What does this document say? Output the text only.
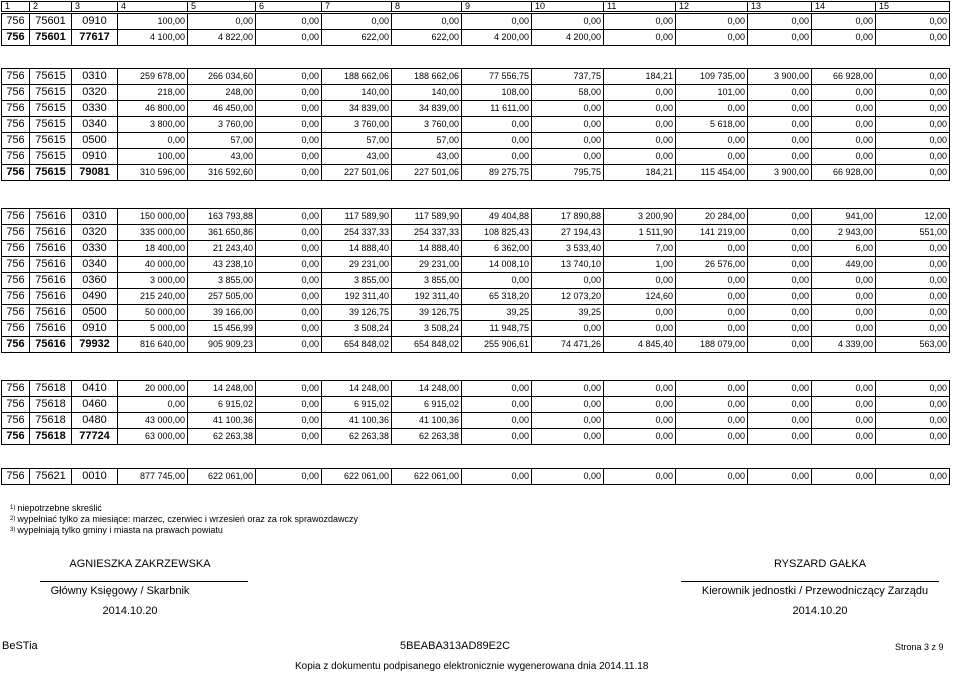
1	2	3	4	5	6	7	8	9	10	11	12	13	14	15
756	75601	0910	100,00	0,00	0,00	0,00	0,00	0,00	0,00	0,00	0,00	0,00	0,00	0,00
756	75601	77617	4 100,00	4 822,00	0,00	622,00	622,00	4 200,00	4 200,00	0,00	0,00	0,00	0,00	0,00
756	75615	0310	259 678,00	266 034,60	0,00	188 662,06	188 662,06	77 556,75	737,75	184,21	109 735,00	3 900,00	66 928,00	0,00
756	75615	0320	218,00	248,00	0,00	140,00	140,00	108,00	58,00	0,00	101,00	0,00	0,00	0,00
756	75615	0330	46 800,00	46 450,00	0,00	34 839,00	34 839,00	11 611,00	0,00	0,00	0,00	0,00	0,00	0,00
756	75615	0340	3 800,00	3 760,00	0,00	3 760,00	3 760,00	0,00	0,00	0,00	5 618,00	0,00	0,00	0,00
756	75615	0500	0,00	57,00	0,00	57,00	57,00	0,00	0,00	0,00	0,00	0,00	0,00	0,00
756	75615	0910	100,00	43,00	0,00	43,00	43,00	0,00	0,00	0,00	0,00	0,00	0,00	0,00
756	75615	79081	310 596,00	316 592,60	0,00	227 501,06	227 501,06	89 275,75	795,75	184,21	115 454,00	3 900,00	66 928,00	0,00
756	75616	0310	150 000,00	163 793,88	0,00	117 589,90	117 589,90	49 404,88	17 890,88	3 200,90	20 284,00	0,00	941,00	12,00
756	75616	0320	335 000,00	361 650,86	0,00	254 337,33	254 337,33	108 825,43	27 194,43	1 511,90	141 219,00	0,00	2 943,00	551,00
756	75616	0330	18 400,00	21 243,40	0,00	14 888,40	14 888,40	6 362,00	3 533,40	7,00	0,00	0,00	6,00	0,00
756	75616	0340	40 000,00	43 238,10	0,00	29 231,00	29 231,00	14 008,10	13 740,10	1,00	26 576,00	0,00	449,00	0,00
756	75616	0360	3 000,00	3 855,00	0,00	3 855,00	3 855,00	0,00	0,00	0,00	0,00	0,00	0,00	0,00
756	75616	0490	215 240,00	257 505,00	0,00	192 311,40	192 311,40	65 318,20	12 073,20	124,60	0,00	0,00	0,00	0,00
756	75616	0500	50 000,00	39 166,00	0,00	39 126,75	39 126,75	39,25	39,25	0,00	0,00	0,00	0,00	0,00
756	75616	0910	5 000,00	15 456,99	0,00	3 508,24	3 508,24	11 948,75	0,00	0,00	0,00	0,00	0,00	0,00
756	75616	79932	816 640,00	905 909,23	0,00	654 848,02	654 848,02	255 906,61	74 471,26	4 845,40	188 079,00	0,00	4 339,00	563,00
756	75618	0410	20 000,00	14 248,00	0,00	14 248,00	14 248,00	0,00	0,00	0,00	0,00	0,00	0,00	0,00
756	75618	0460	0,00	6 915,02	0,00	6 915,02	6 915,02	0,00	0,00	0,00	0,00	0,00	0,00	0,00
756	75618	0480	43 000,00	41 100,36	0,00	41 100,36	41 100,36	0,00	0,00	0,00	0,00	0,00	0,00	0,00
756	75618	77724	63 000,00	62 263,38	0,00	62 263,38	62 263,38	0,00	0,00	0,00	0,00	0,00	0,00	0,00
756	75621	0010	877 745,00	622 061,00	0,00	622 061,00	622 061,00	0,00	0,00	0,00	0,00	0,00	0,00	0,00
$^{1)}$ niepotrzebne skreślić
$^{2)}$ wypełniać tylko za miesiące: marzec, czerwiec i wrzesień oraz za rok sprawozdawczy
$^{3)}$ wypełniają tylko gminy i miasta na prawach powiatu
AGNIESZKA ZAKRZEWSKA
Główny Księgowy / Skarbnik
2014.10.20
RYSZARD GAŁKA
Kierownik jednostki / Przewodniczący Zarządu
2014.10.20
BeSTia	5BEABA313AD89E2C	Strona 3 z 9
Kopia z dokumentu podpisanego elektronicznie wygenerowana dnia 2014.11.18
